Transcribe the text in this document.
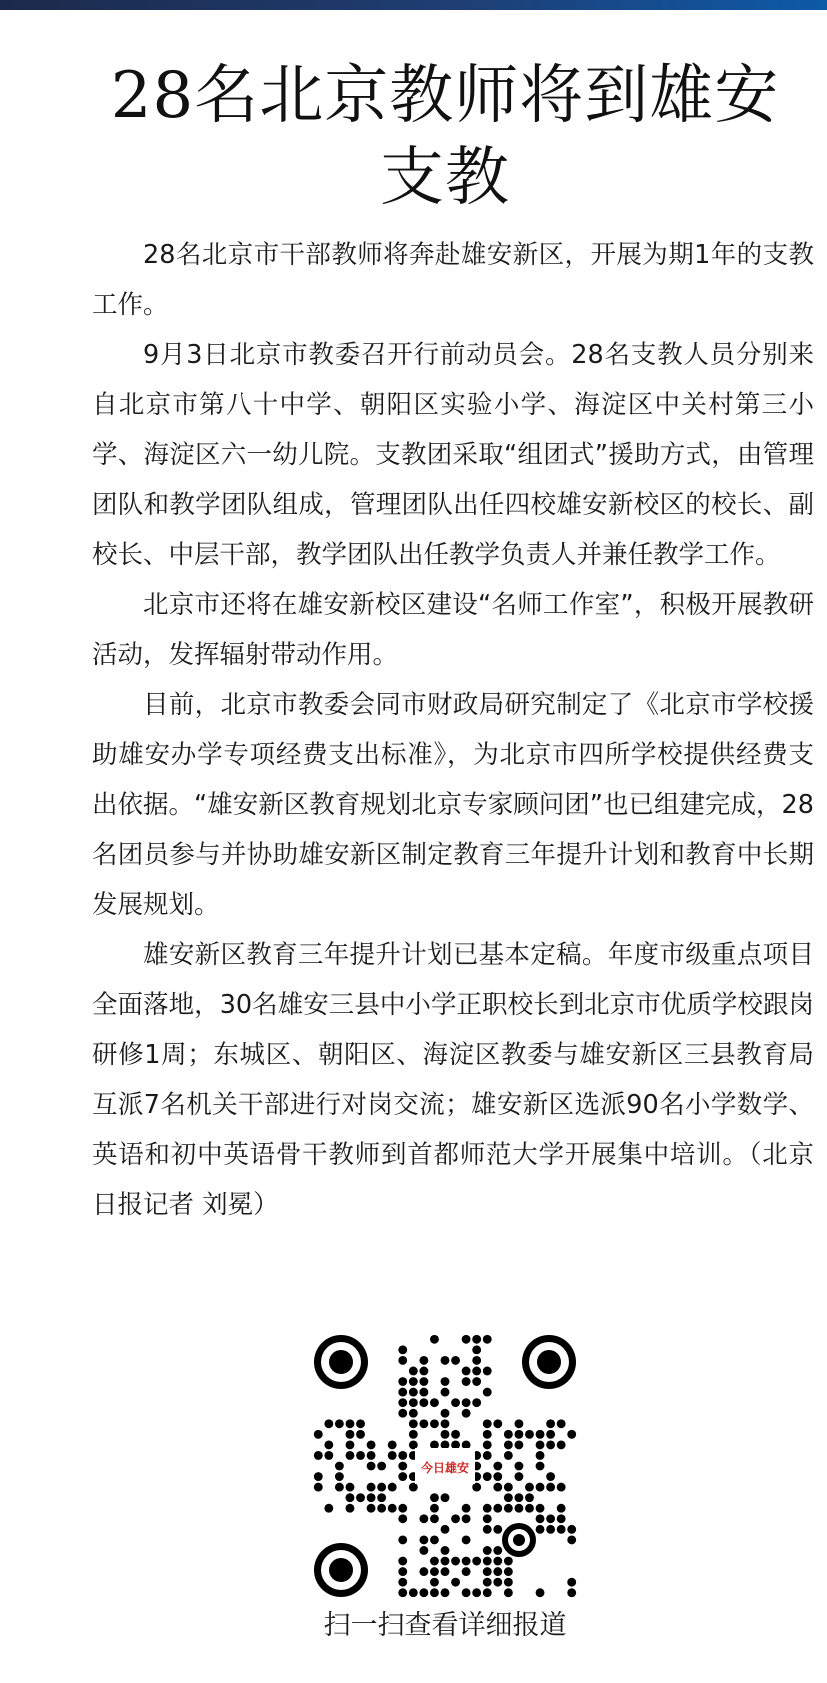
28名北京教师将到雄安支教

28名北京市干部教师将奔赴雄安新区，开展为期1年的支教工作。

9月3日北京市教委召开行前动员会。28名支教人员分别来自北京市第八十中学、朝阳区实验小学、海淀区中关村第三小学、海淀区六一幼儿院。支教团采取“组团式”援助方式，由管理团队和教学团队组成，管理团队出任四校雄安新校区的校长、副校长、中层干部，教学团队出任教学负责人并兼任教学工作。

北京市还将在雄安新校区建设“名师工作室”，积极开展教研活动，发挥辐射带动作用。

目前，北京市教委会同市财政局研究制定了《北京市学校援助雄安办学专项经费支出标准》，为北京市四所学校提供经费支出依据。“雄安新区教育规划北京专家顾问团”也已组建完成，28名团员参与并协助雄安新区制定教育三年提升计划和教育中长期发展规划。

雄安新区教育三年提升计划已基本定稿。年度市级重点项目全面落地，30名雄安三县中小学正职校长到北京市优质学校跟岗研修1周；东城区、朝阳区、海淀区教委与雄安新区三县教育局互派7名机关干部进行对岗交流；雄安新区选派90名小学数学、英语和初中英语骨干教师到首都师范大学开展集中培训。（北京日报记者 刘冕）

今日雄安
扫一扫查看详细报道
